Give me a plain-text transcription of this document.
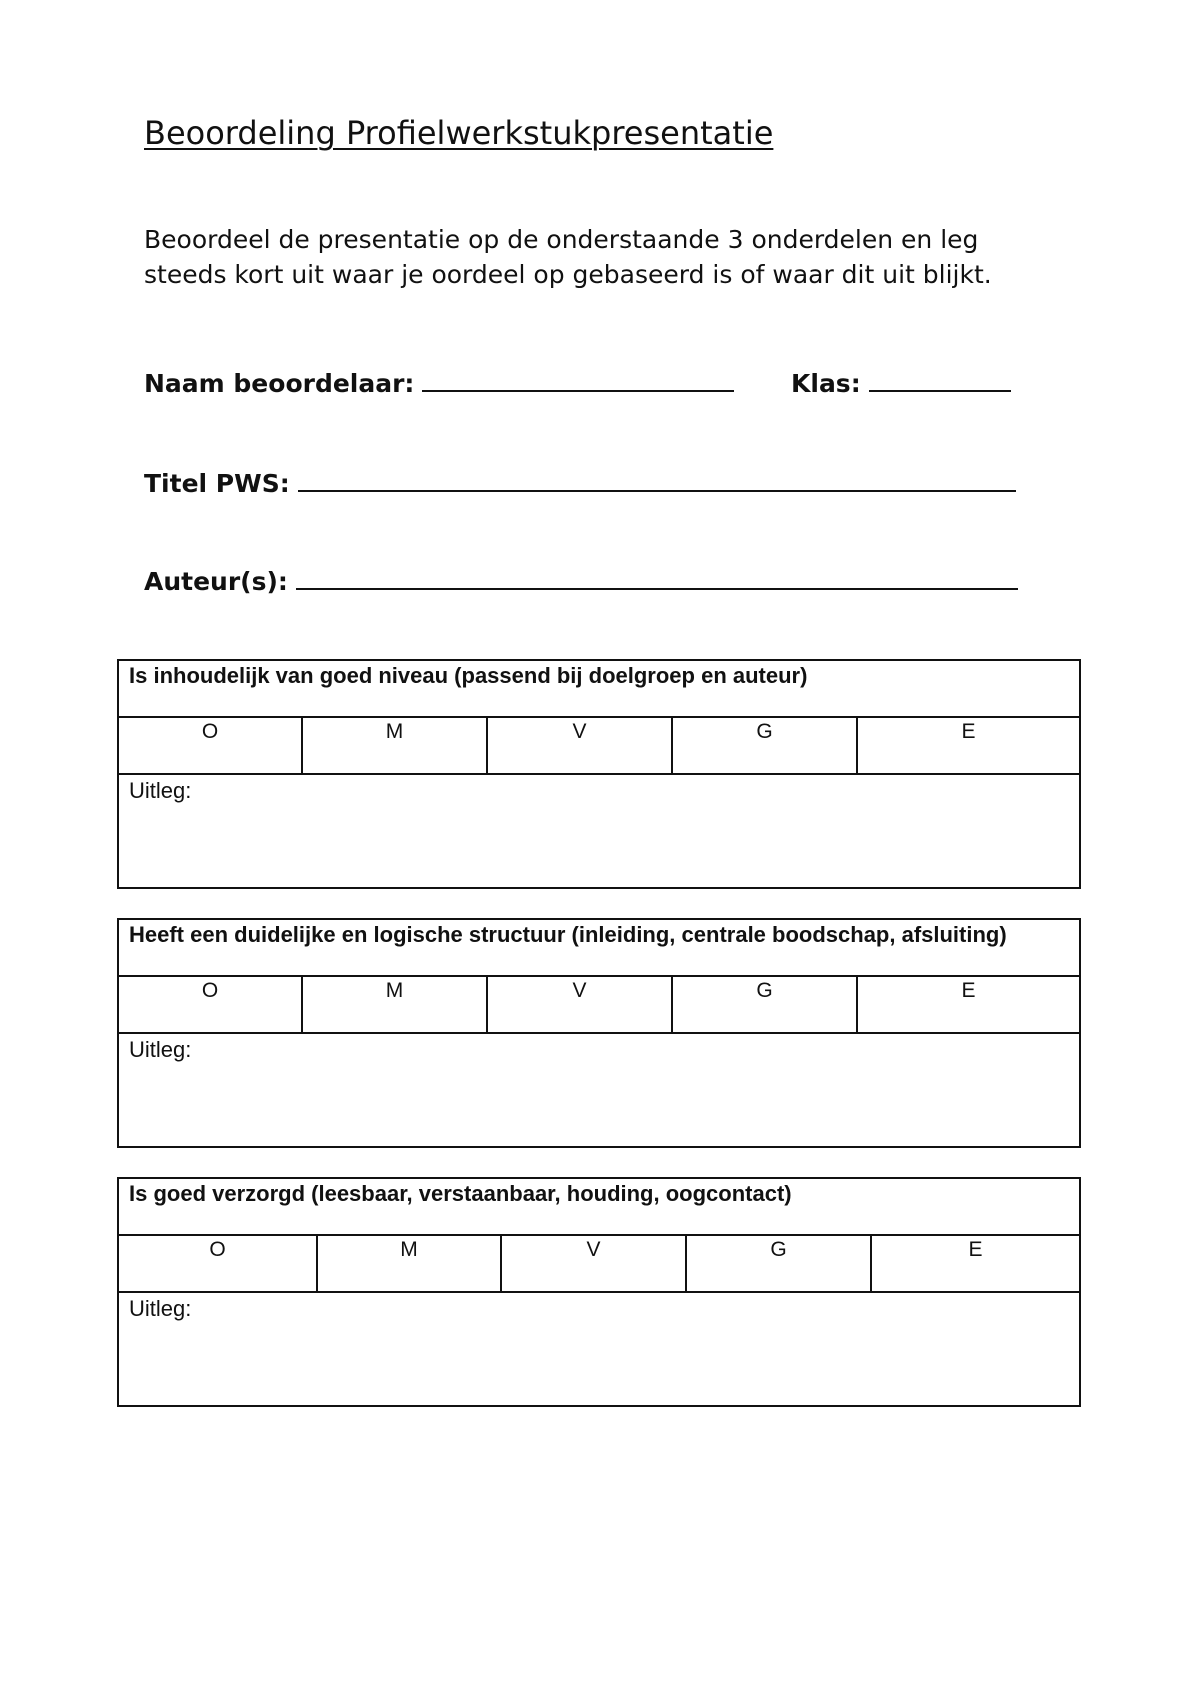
Beoordeling Profielwerkstukpresentatie
Beoordeel de presentatie op de onderstaande 3 onderdelen en leg
steeds kort uit waar je oordeel op gebaseerd is of waar dit uit blijkt.
Naam beoordelaar:	Klas:
Titel PWS:
Auteur(s):
Is inhoudelijk van goed niveau (passend bij doelgroep en auteur)
O	M	V	G	E
Uitleg:
Heeft een duidelijke en logische structuur (inleiding, centrale boodschap, afsluiting)
O	M	V	G	E
Uitleg:
Is goed verzorgd (leesbaar, verstaanbaar, houding, oogcontact)
O	M	V	G	E
Uitleg:
